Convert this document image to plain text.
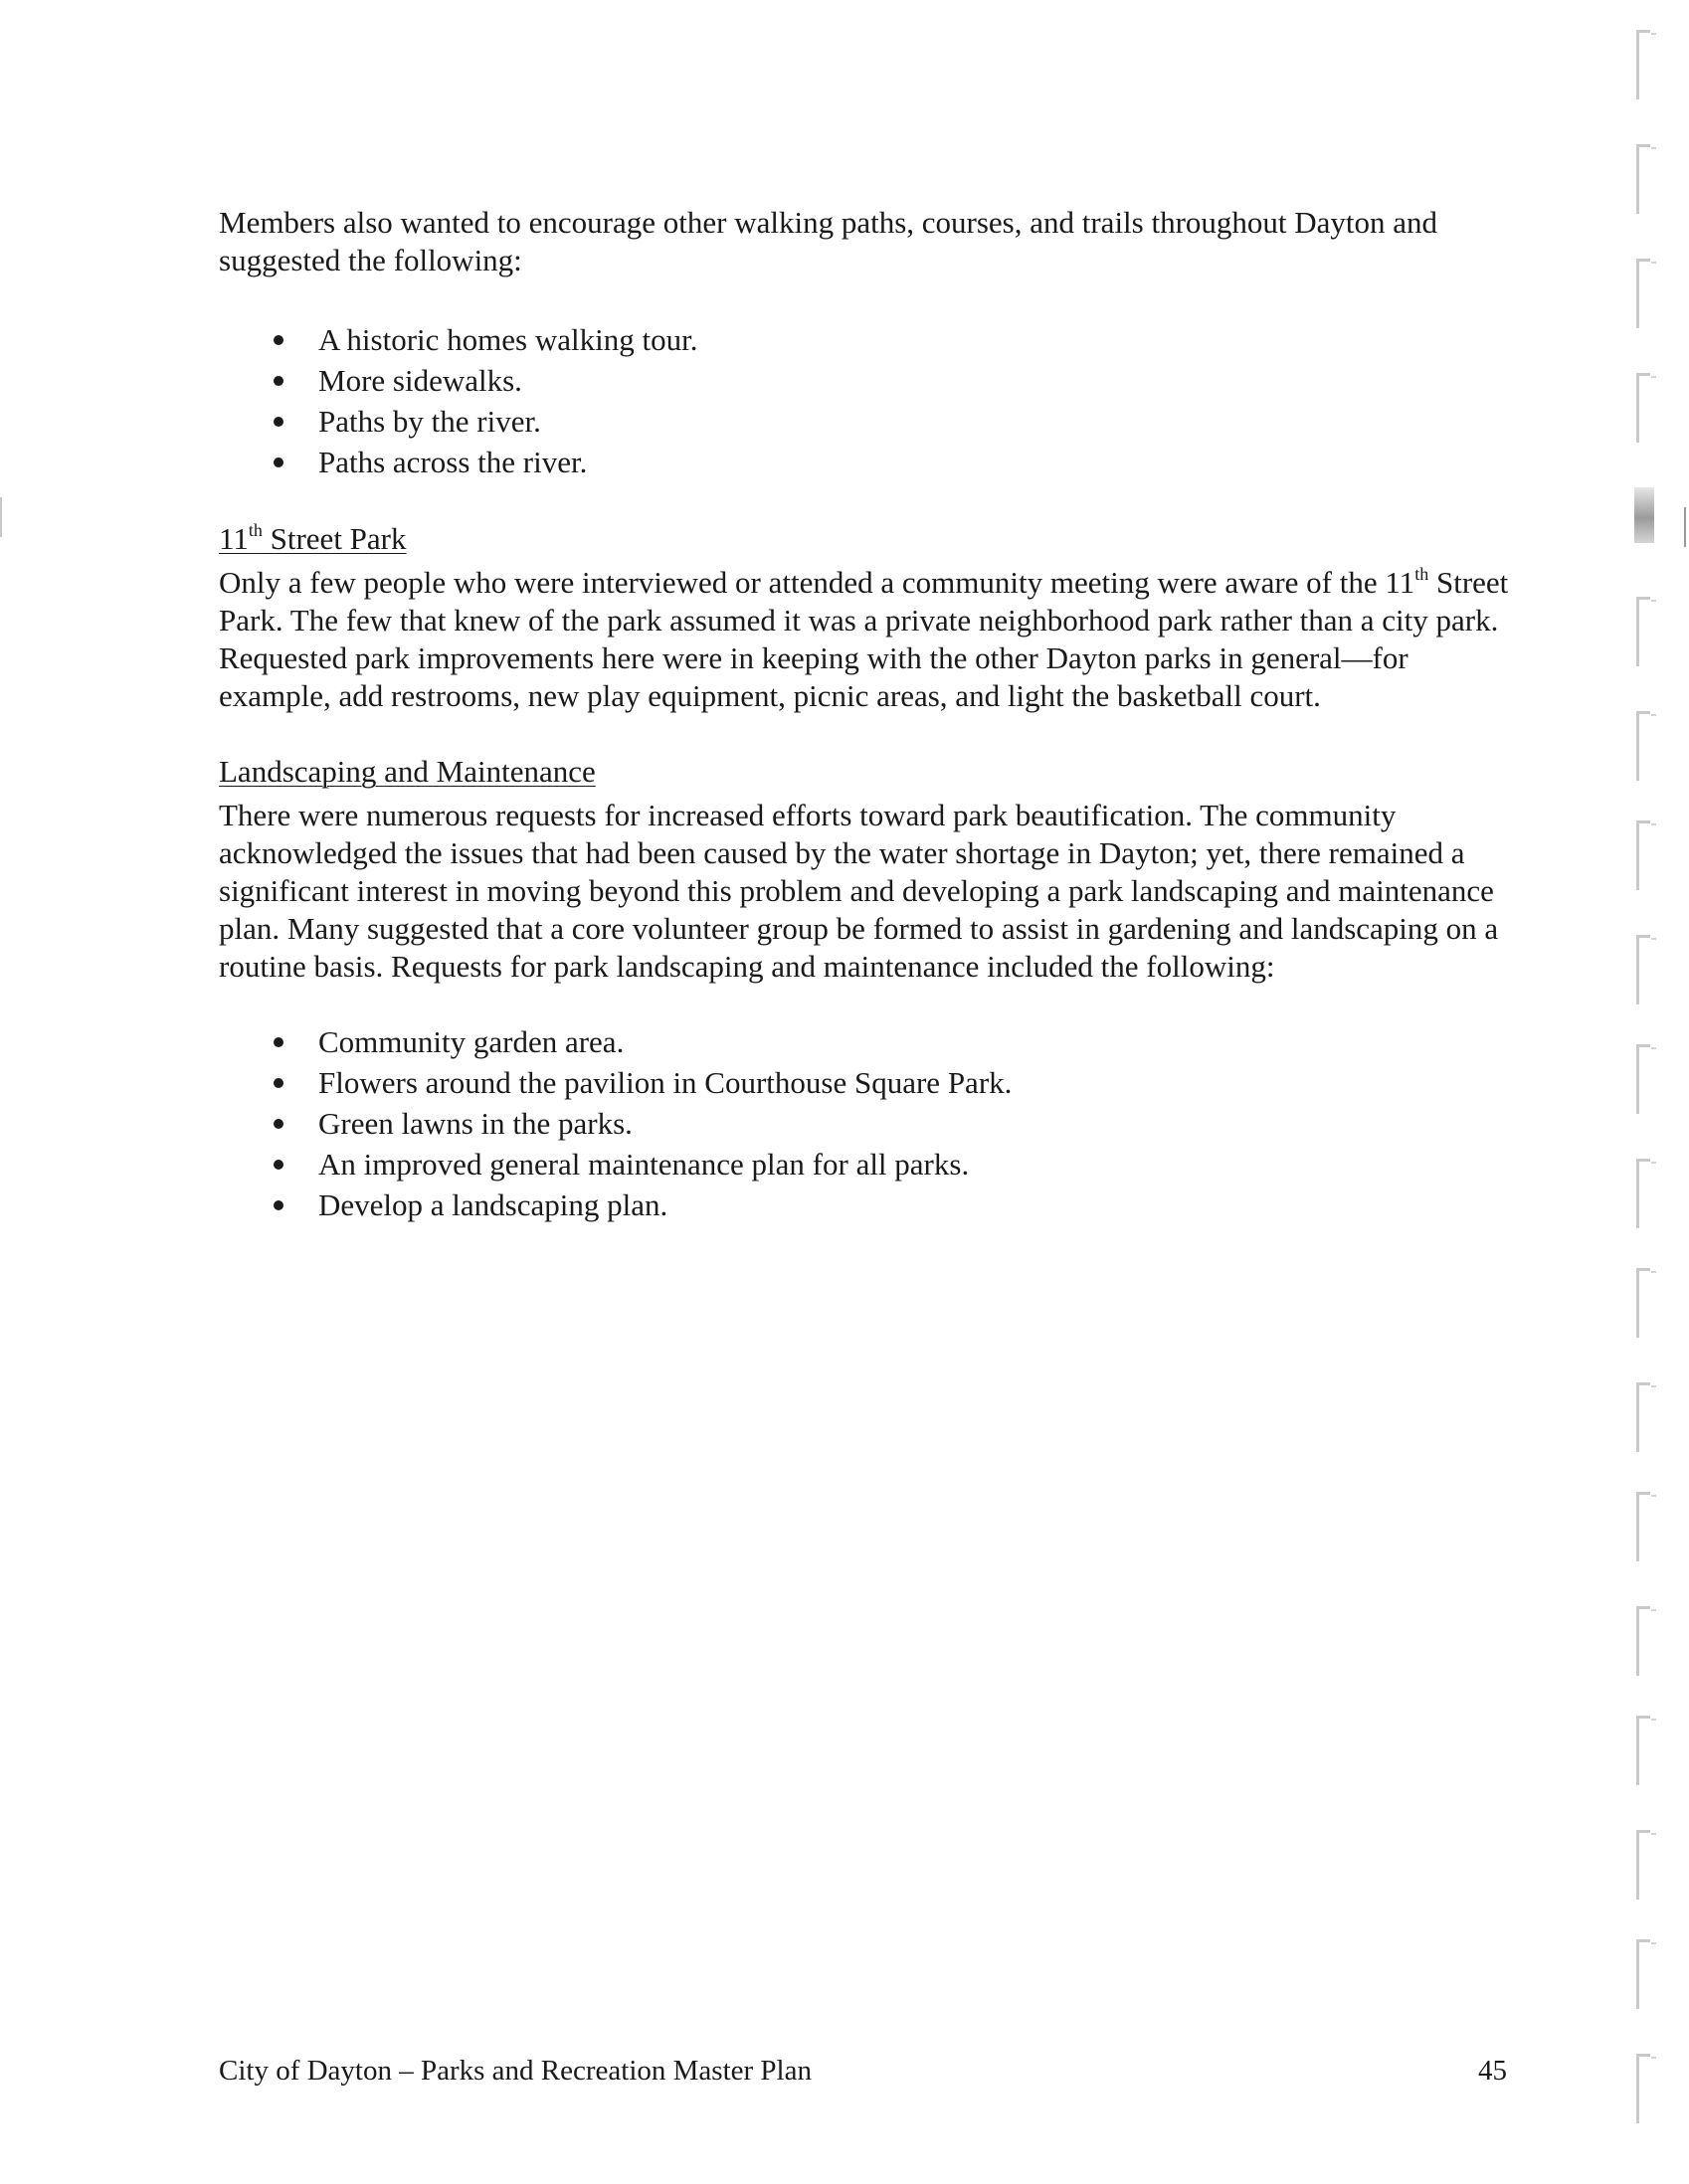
Members also wanted to encourage other walking paths, courses, and trails throughout Dayton and suggested the following:

A historic homes walking tour.
More sidewalks.
Paths by the river.
Paths across the river.

11th Street Park

Only a few people who were interviewed or attended a community meeting were aware of the 11th Street Park. The few that knew of the park assumed it was a private neighborhood park rather than a city park. Requested park improvements here were in keeping with the other Dayton parks in general—for example, add restrooms, new play equipment, picnic areas, and light the basketball court.

Landscaping and Maintenance

There were numerous requests for increased efforts toward park beautification. The community acknowledged the issues that had been caused by the water shortage in Dayton; yet, there remained a significant interest in moving beyond this problem and developing a park landscaping and maintenance plan. Many suggested that a core volunteer group be formed to assist in gardening and landscaping on a routine basis. Requests for park landscaping and maintenance included the following:

Community garden area.
Flowers around the pavilion in Courthouse Square Park.
Green lawns in the parks.
An improved general maintenance plan for all parks.
Develop a landscaping plan.
City of Dayton – Parks and Recreation Master Plan	45
